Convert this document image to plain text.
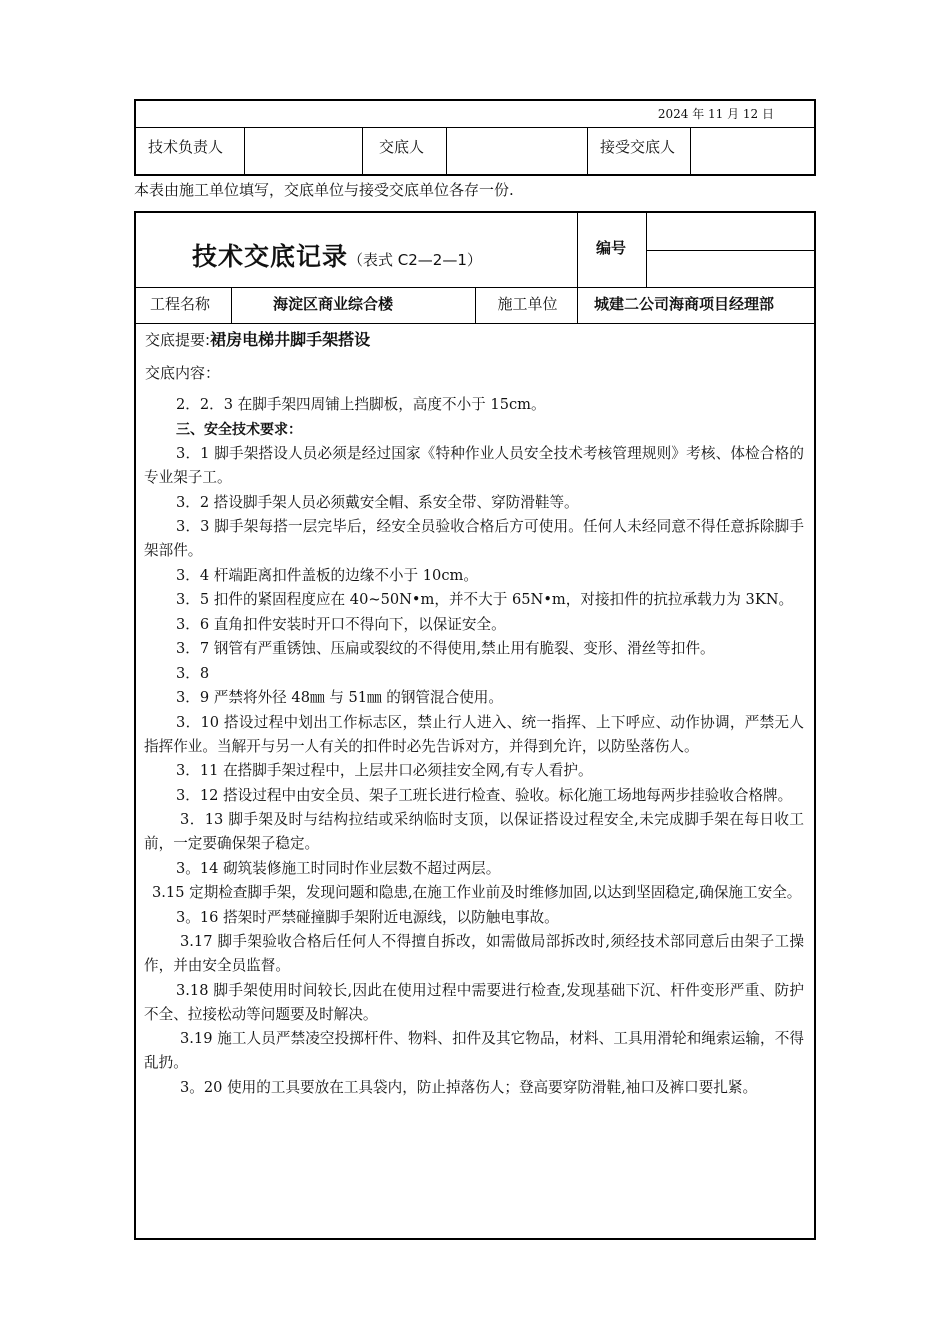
2024 年 11 月 12 日
技术负责人	交底人	接受交底人
本表由施工单位填写，交底单位与接受交底单位各存一份.
技术交底记录（表式 C2—2—1）
编号
工程名称	海淀区商业综合楼	施工单位	城建二公司海商项目经理部
交底提要:裙房电梯井脚手架搭设
交底内容：

2．2．3 在脚手架四周铺上挡脚板，高度不小于 15cm。

三、安全技术要求：

3．1 脚手架搭设人员必须是经过国家《特种作业人员安全技术考核管理规则》考核、体检合格的专业架子工。

3．2 搭设脚手架人员必须戴安全帽、系安全带、穿防滑鞋等。

3．3 脚手架每搭一层完毕后，经安全员验收合格后方可使用。任何人未经同意不得任意拆除脚手架部件。

3．4 杆端距离扣件盖板的边缘不小于 10cm。

3．5 扣件的紧固程度应在 40~50N•m，并不大于 65N•m，对接扣件的抗拉承载力为 3KN。

3．6 直角扣件安装时开口不得向下，以保证安全。

3．7 钢管有严重锈蚀、压扁或裂纹的不得使用,禁止用有脆裂、变形、滑丝等扣件。

3．8

3．9 严禁将外径 48㎜ 与 51㎜ 的钢管混合使用。

3．10 搭设过程中划出工作标志区，禁止行人进入、统一指挥、上下呼应、动作协调，严禁无人指挥作业。当解开与另一人有关的扣件时必先告诉对方，并得到允许，以防坠落伤人。

3．11 在搭脚手架过程中，上层井口必须挂安全网,有专人看护。

3．12 搭设过程中由安全员、架子工班长进行检查、验收。标化施工场地每两步挂验收合格牌。

3．13 脚手架及时与结构拉结或采纳临时支顶，以保证搭设过程安全,未完成脚手架在每日收工前，一定要确保架子稳定。

3。14 砌筑装修施工时同时作业层数不超过两层。

3.15 定期检查脚手架，发现问题和隐患,在施工作业前及时维修加固,以达到坚固稳定,确保施工安全。

3。16 搭架时严禁碰撞脚手架附近电源线，以防触电事故。

3.17 脚手架验收合格后任何人不得擅自拆改，如需做局部拆改时,须经技术部同意后由架子工操作，并由安全员监督。

3.18 脚手架使用时间较长,因此在使用过程中需要进行检查,发现基础下沉、杆件变形严重、防护不全、拉接松动等问题要及时解决。

3.19 施工人员严禁凌空投掷杆件、物料、扣件及其它物品，材料、工具用滑轮和绳索运输，不得乱扔。

3。20 使用的工具要放在工具袋内，防止掉落伤人；登高要穿防滑鞋,袖口及裤口要扎紧。
